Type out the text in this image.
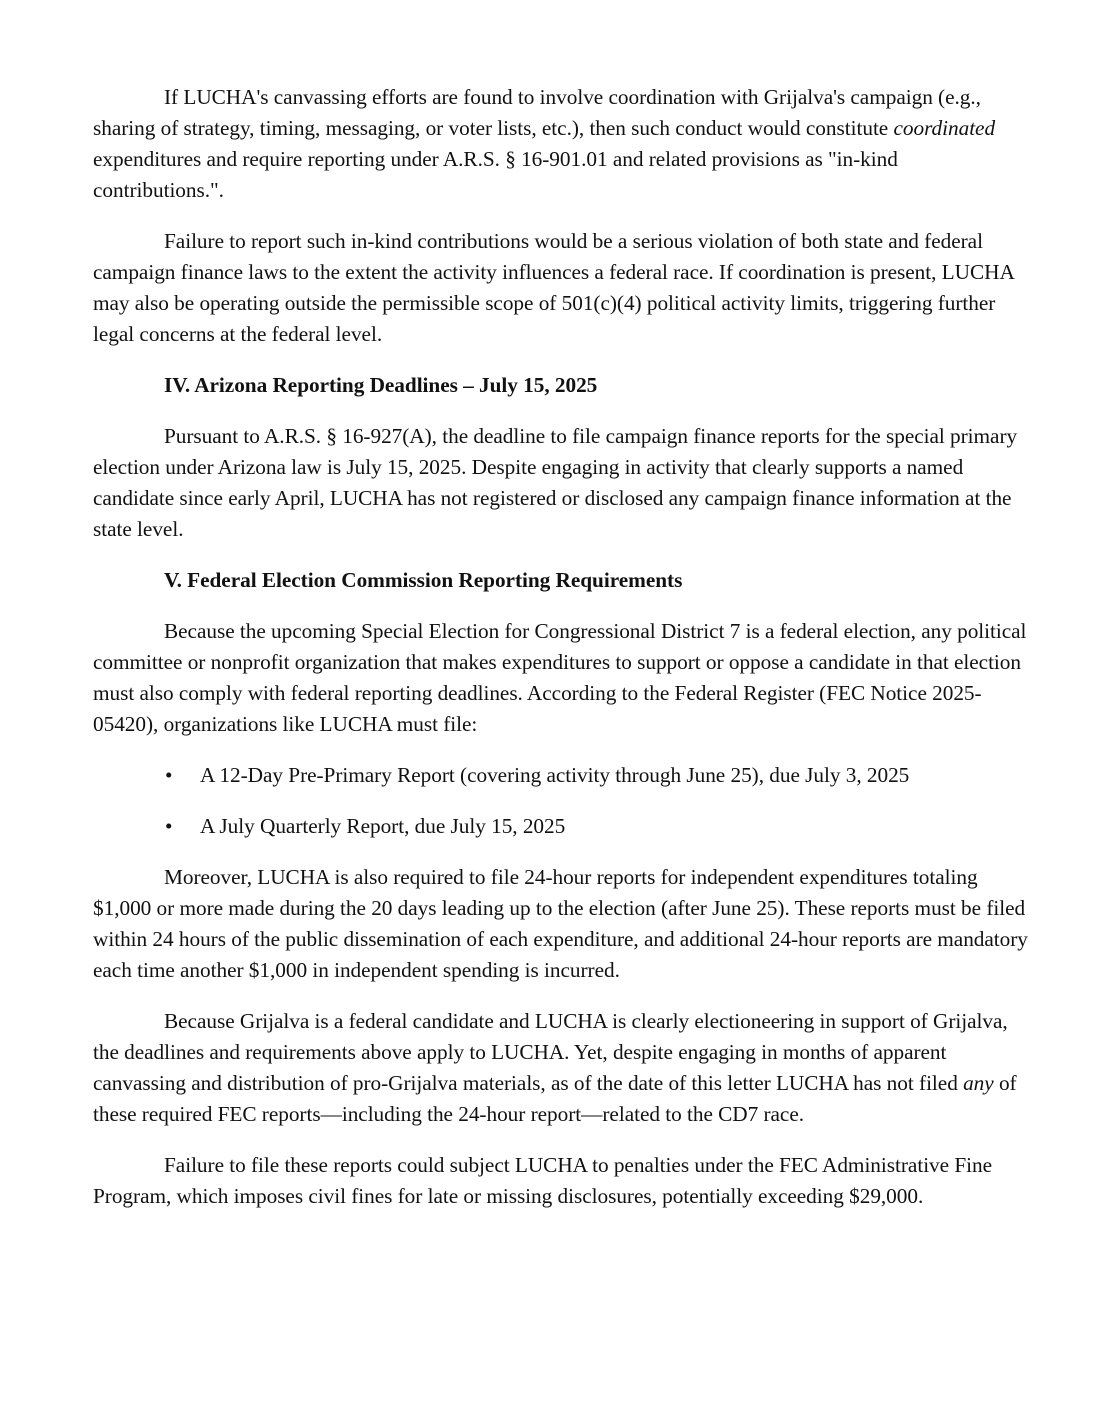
If LUCHA's canvassing efforts are found to involve coordination with Grijalva's campaign (e.g., sharing of strategy, timing, messaging, or voter lists, etc.), then such conduct would constitute coordinated expenditures and require reporting under A.R.S. § 16-901.01 and related provisions as "in-kind contributions.".

Failure to report such in-kind contributions would be a serious violation of both state and federal campaign finance laws to the extent the activity influences a federal race. If coordination is present, LUCHA may also be operating outside the permissible scope of 501(c)(4) political activity limits, triggering further legal concerns at the federal level.

IV. Arizona Reporting Deadlines – July 15, 2025

Pursuant to A.R.S. § 16-927(A), the deadline to file campaign finance reports for the special primary election under Arizona law is July 15, 2025. Despite engaging in activity that clearly supports a named candidate since early April, LUCHA has not registered or disclosed any campaign finance information at the state level.

V. Federal Election Commission Reporting Requirements

Because the upcoming Special Election for Congressional District 7 is a federal election, any political committee or nonprofit organization that makes expenditures to support or oppose a candidate in that election must also comply with federal reporting deadlines. According to the Federal Register (FEC Notice 2025-05420), organizations like LUCHA must file:

• A 12-Day Pre-Primary Report (covering activity through June 25), due July 3, 2025
• A July Quarterly Report, due July 15, 2025

Moreover, LUCHA is also required to file 24-hour reports for independent expenditures totaling $1,000 or more made during the 20 days leading up to the election (after June 25). These reports must be filed within 24 hours of the public dissemination of each expenditure, and additional 24-hour reports are mandatory each time another $1,000 in independent spending is incurred.

Because Grijalva is a federal candidate and LUCHA is clearly electioneering in support of Grijalva, the deadlines and requirements above apply to LUCHA. Yet, despite engaging in months of apparent canvassing and distribution of pro-Grijalva materials, as of the date of this letter LUCHA has not filed any of these required FEC reports—including the 24-hour report—related to the CD7 race.

Failure to file these reports could subject LUCHA to penalties under the FEC Administrative Fine Program, which imposes civil fines for late or missing disclosures, potentially exceeding $29,000.
